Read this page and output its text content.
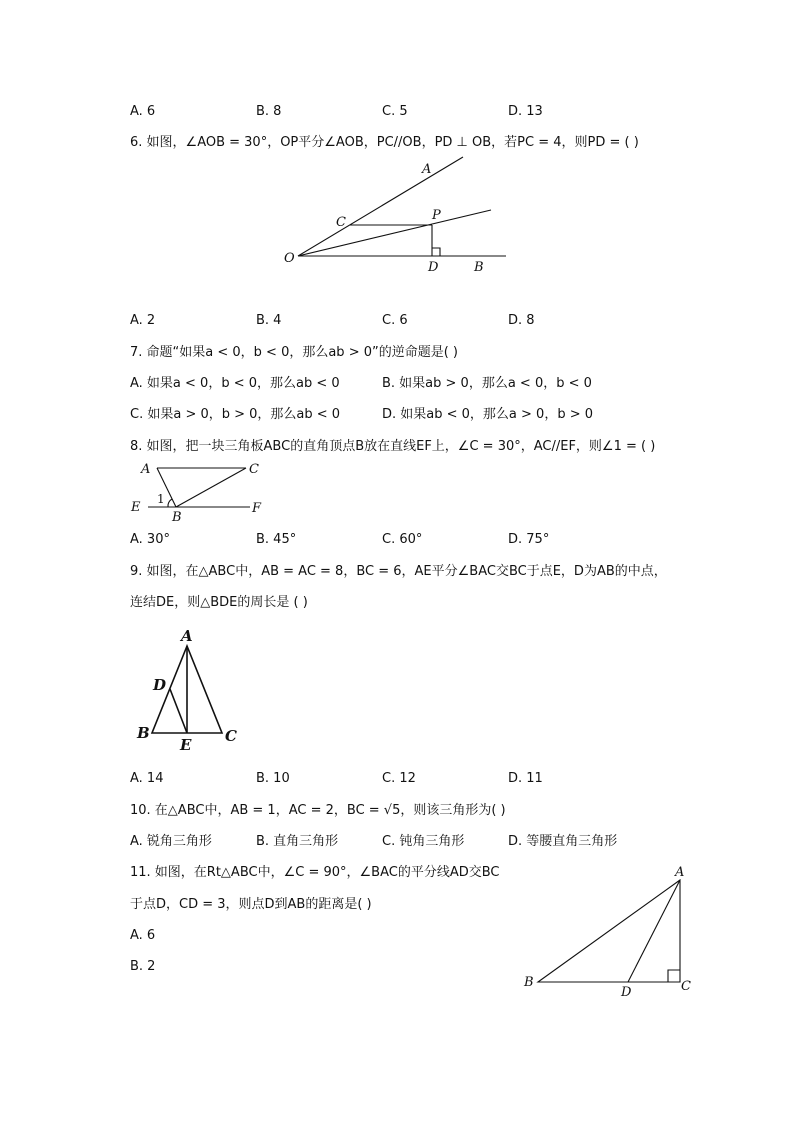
A. 6	B. 8	C. 5	D. 13
6. 如图，∠AOB = 30°，OP平分∠AOB，PC//OB，PD ⊥ OB，若PC = 4，则PD = ( )
A
C	P
O
D	B
A. 2	B. 4	C. 6	D. 8
7. 命题“如果a < 0，b < 0，那么ab > 0”的逆命题是( )
A. 如果a < 0，b < 0，那么ab < 0	B. 如果ab > 0，那么a < 0，b < 0
C. 如果a > 0，b > 0，那么ab < 0	D. 如果ab < 0，那么a > 0，b > 0
8. 如图，把一块三角板ABC的直角顶点B放在直线EF上，∠C = 30°，AC//EF，则∠1 = ( )
A	C
E
B
F
1
A. 30°	B. 45°	C. 60°	D. 75°
9. 如图，在△ABC中，AB = AC = 8，BC = 6，AE平分∠BAC交BC于点E，D为AB的中点，
连结DE，则△BDE的周长是 ( )
A
D
B
E C
A. 14	B. 10	C. 12	D. 11
10. 在△ABC中，AB = 1，AC = 2，BC = √5，则该三角形为( )
A. 锐角三角形	B. 直角三角形	C. 钝角三角形	D. 等腰直角三角形
11. 如图，在Rt△ABC中，∠C = 90°，∠BAC的平分线AD交BC
于点D，CD = 3，则点D到AB的距离是( )
A. 6
B. 2
A
B
D	C
